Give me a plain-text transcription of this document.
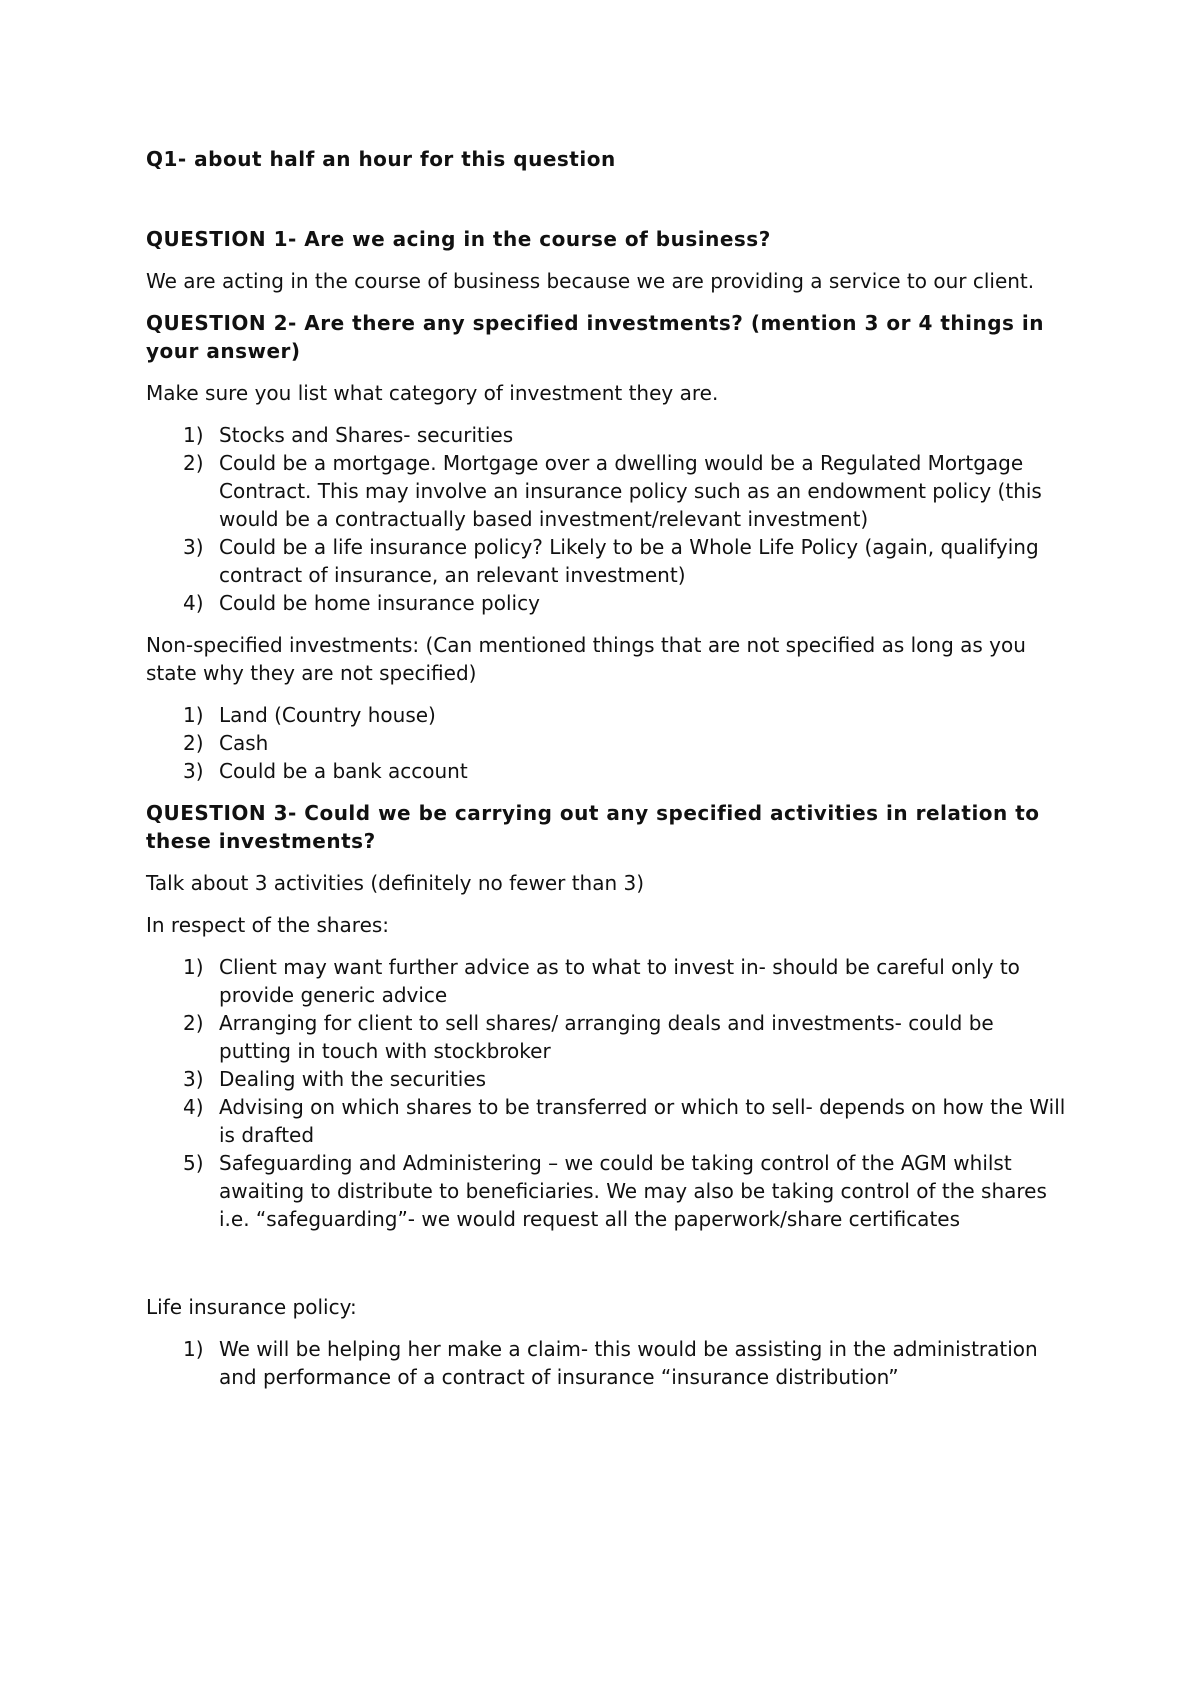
Q1- about half an hour for this question

QUESTION 1- Are we acing in the course of business?

We are acting in the course of business because we are providing a service to our client.

QUESTION 2- Are there any specified investments? (mention 3 or 4 things in your answer)

Make sure you list what category of investment they are.

1) Stocks and Shares- securities
2) Could be a mortgage. Mortgage over a dwelling would be a Regulated Mortgage Contract. This may involve an insurance policy such as an endowment policy (this would be a contractually based investment/relevant investment)
3) Could be a life insurance policy? Likely to be a Whole Life Policy (again, qualifying contract of insurance, an relevant investment)
4) Could be home insurance policy

Non-specified investments: (Can mentioned things that are not specified as long as you state why they are not specified)

1) Land (Country house)
2) Cash
3) Could be a bank account

QUESTION 3- Could we be carrying out any specified activities in relation to these investments?

Talk about 3 activities (definitely no fewer than 3)

In respect of the shares:

1) Client may want further advice as to what to invest in- should be careful only to provide generic advice
2) Arranging for client to sell shares/ arranging deals and investments- could be putting in touch with stockbroker
3) Dealing with the securities
4) Advising on which shares to be transferred or which to sell- depends on how the Will is drafted
5) Safeguarding and Administering – we could be taking control of the AGM whilst awaiting to distribute to beneficiaries. We may also be taking control of the shares i.e. “safeguarding”- we would request all the paperwork/share certificates

Life insurance policy:

1) We will be helping her make a claim- this would be assisting in the administration and performance of a contract of insurance “insurance distribution”
